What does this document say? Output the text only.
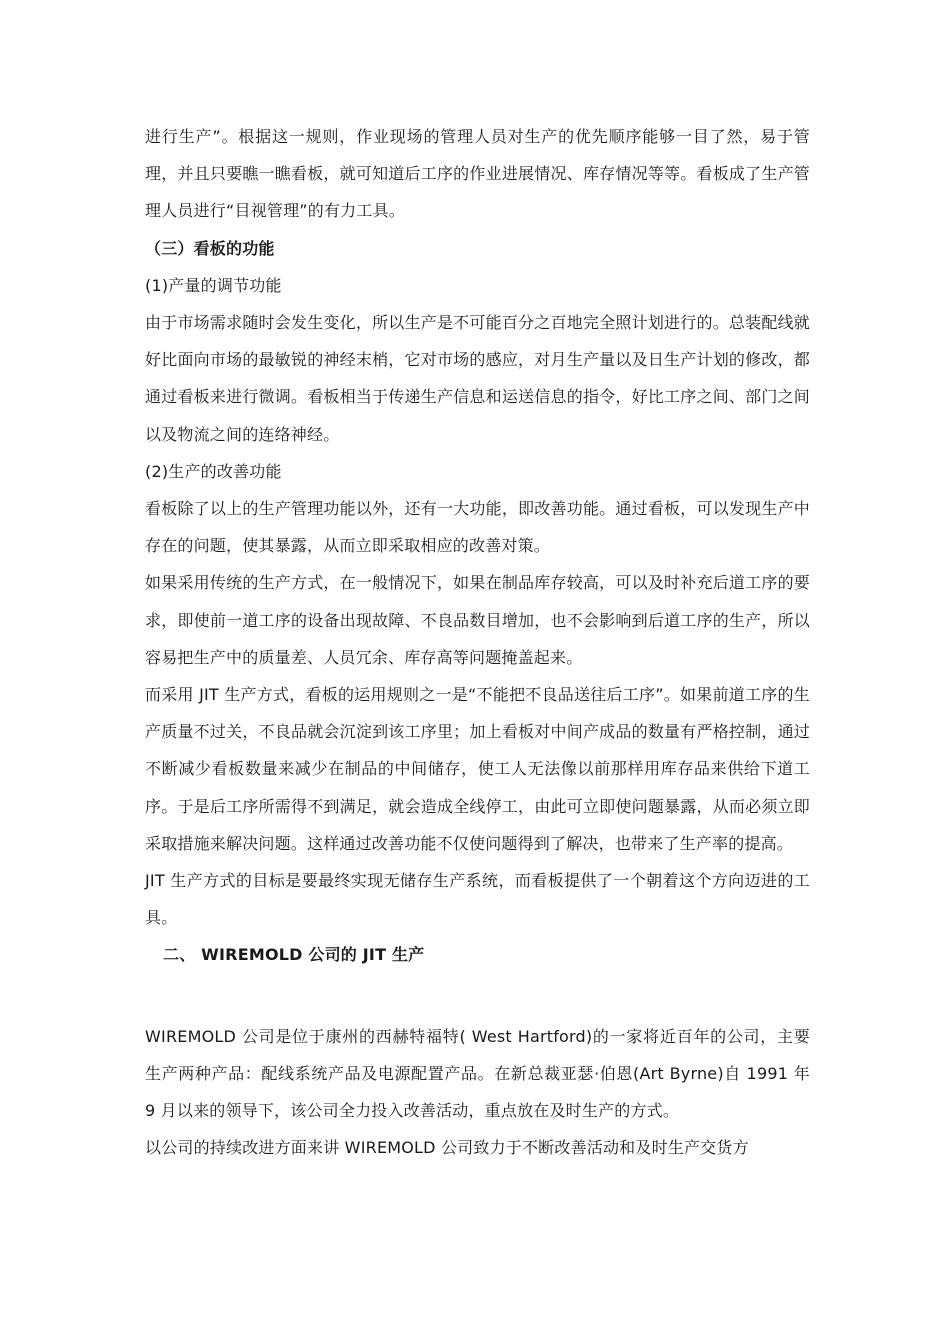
进行生产”。根据这一规则，作业现场的管理人员对生产的优先顺序能够一目了然，易于管理，并且只要瞧一瞧看板，就可知道后工序的作业进展情况、库存情况等等。看板成了生产管理人员进行“目视管理”的有力工具。

（三）看板的功能

(1)产量的调节功能

由于市场需求随时会发生变化，所以生产是不可能百分之百地完全照计划进行的。总装配线就好比面向市场的最敏锐的神经末梢，它对市场的感应，对月生产量以及日生产计划的修改，都通过看板来进行微调。看板相当于传递生产信息和运送信息的指令，好比工序之间、部门之间以及物流之间的连络神经。

(2)生产的改善功能

看板除了以上的生产管理功能以外，还有一大功能，即改善功能。通过看板，可以发现生产中存在的问题，使其暴露，从而立即采取相应的改善对策。

如果采用传统的生产方式，在一般情况下，如果在制品库存较高，可以及时补充后道工序的要求，即使前一道工序的设备出现故障、不良品数目增加，也不会影响到后道工序的生产，所以容易把生产中的质量差、人员冗余、库存高等问题掩盖起来。

而采用 JIT 生产方式，看板的运用规则之一是“不能把不良品送往后工序”。如果前道工序的生产质量不过关，不良品就会沉淀到该工序里；加上看板对中间产成品的数量有严格控制，通过不断减少看板数量来减少在制品的中间储存，使工人无法像以前那样用库存品来供给下道工序。于是后工序所需得不到满足，就会造成全线停工，由此可立即使问题暴露，从而必须立即采取措施来解决问题。这样通过改善功能不仅使问题得到了解决，也带来了生产率的提高。

JIT 生产方式的目标是要最终实现无储存生产系统，而看板提供了一个朝着这个方向迈进的工具。

二、 WIREMOLD 公司的 JIT 生产

WIREMOLD 公司是位于康州的西赫特福特( West Hartford)的一家将近百年的公司，主要生产两种产品：配线系统产品及电源配置产品。在新总裁亚瑟·伯恩(Art Byrne)自 1991 年 9 月以来的领导下，该公司全力投入改善活动，重点放在及时生产的方式。

以公司的持续改进方面来讲 WIREMOLD 公司致力于不断改善活动和及时生产交货方
